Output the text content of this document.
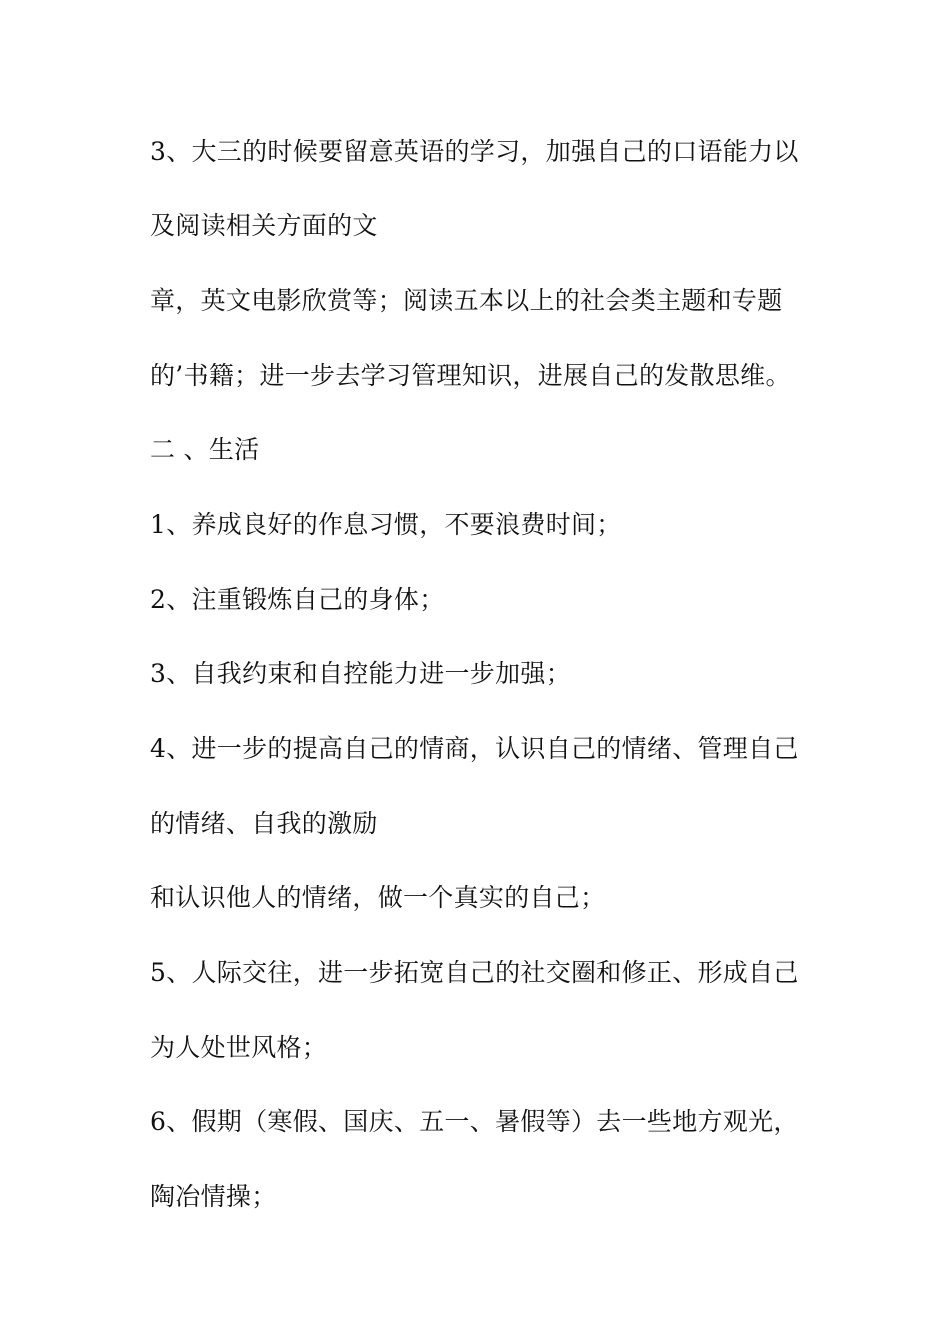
3、大三的时候要留意英语的学习，加强自己的口语能力以
及阅读相关方面的文
章，英文电影欣赏等；阅读五本以上的社会类主题和专题
的’书籍；进一步去学习管理知识，进展自己的发散思维。
二 、生活
1、养成良好的作息习惯，不要浪费时间；
2、注重锻炼自己的身体；
3、自我约束和自控能力进一步加强；
4、进一步的提高自己的情商，认识自己的情绪、管理自己
的情绪、自我的激励
和认识他人的情绪，做一个真实的自己；
5、人际交往，进一步拓宽自己的社交圈和修正、形成自己
为人处世风格；
6、假期（寒假、国庆、五一、暑假等）去一些地方观光，
陶冶情操；
